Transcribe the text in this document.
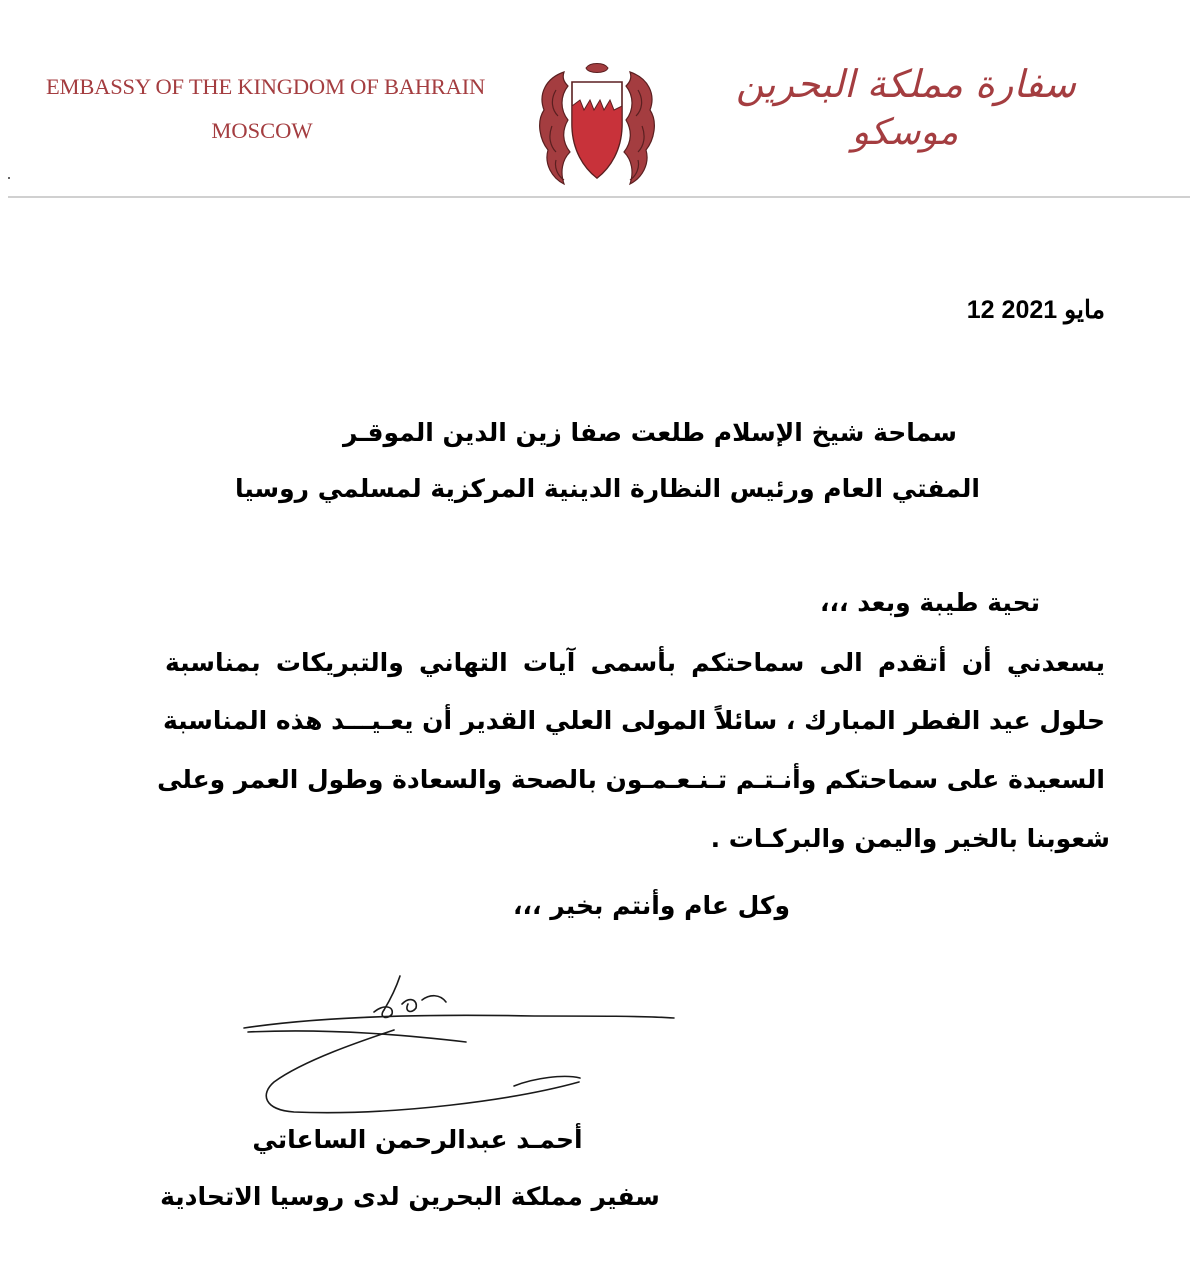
EMBASSY OF THE KINGDOM OF BAHRAIN
MOSCOW
سفارة مملكة البحرين
موسكو
12 مايو 2021
سماحة شيخ الإسلام طلعت صفا زين الدين الموقـر
المفتي العام ورئيس النظارة الدينية المركزية لمسلمي روسيا
تحية طيبة وبعد ،،،
يسعدني أن أتقدم الى سماحتكم بأسمى آيات التهاني والتبريكات بمناسبة
حلول عيد الفطر المبارك ، سائلاً المولى العلي القدير أن يعـيـــد هذه المناسبة
السعيدة على سماحتكم وأنـتـم تـنـعـمـون بالصحة والسعادة وطول العمر وعلى
شعوبنا بالخير واليمن والبركـات .
وكل عام وأنتم بخير ،،،
أحمـد عبدالرحمن الساعاتي
سفير مملكة البحرين لدى روسيا الاتحادية
